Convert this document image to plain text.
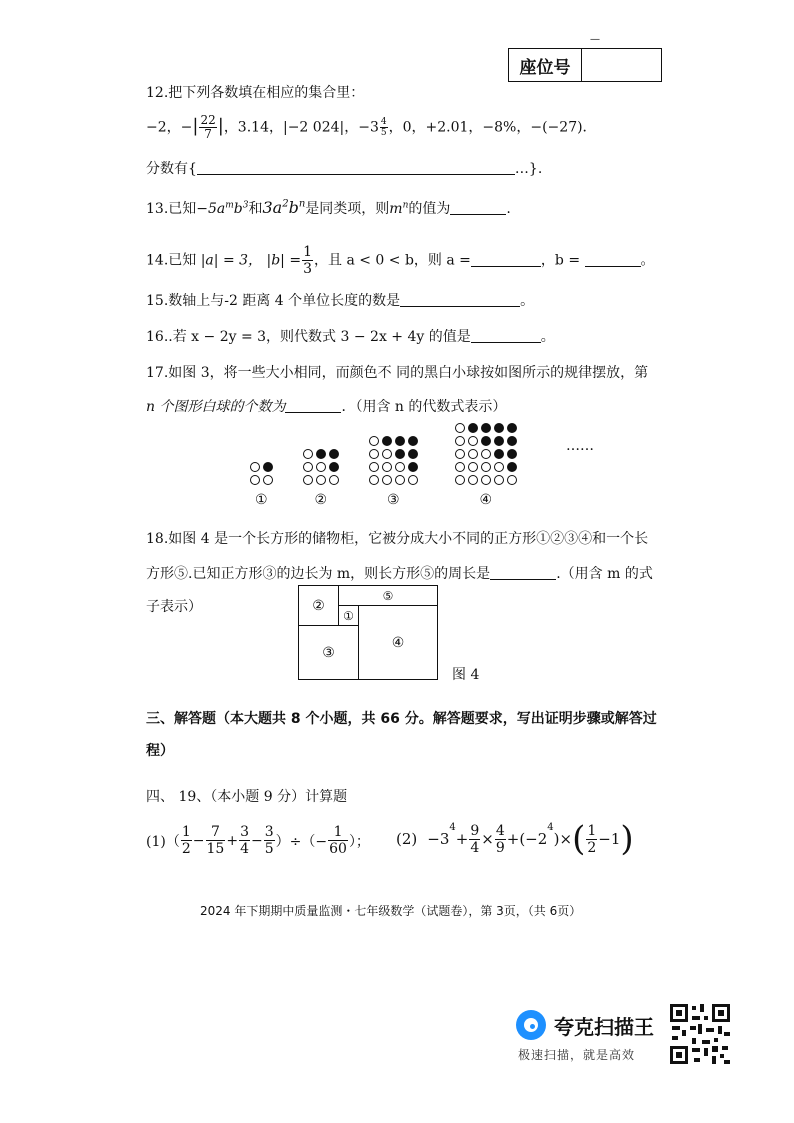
—
座位号
12.把下列各数填在相应的集合里：
−2，−| $\frac{22}{7}$ |，3.14，|−2 024|，$-3 \frac{4}{5}$ ，0，+2.01，−8%，−(−27)．
分数有{	…}.
13.已知$-5a^mb^3$和$3a^2b^n$是同类项，则$m^n$的值为	.
14.已知 |a| = 3， $|b| = \frac{1}{3}$ ，且 a < 0 < b，则 a =	，b =	。
15.数轴上与-2 距离 4 个单位长度的数是	。
16..若 x − 2y = 3，则代数式 3 − 2x + 4y 的值是	。
17.如图 3，将一些大小相同，而颜色不 同的黑白小球按如图所示的规律摆放，第
n 个图形白球的个数为	．（用含 n 的代数式表示）
①	②	③	④
……
18.如图 4 是一个长方形的储物柜，它被分成大小不同的正方形①②③④和一个长
方形⑤.已知正方形③的边长为 m，则长方形⑤的周长是	.（用含 m 的式
子表示）	②
①
⑤
③
④
图 4
三、解答题（本大题共 8 个小题，共 66 分。解答题要求，写出证明步骤或解答过
程）
四、 19、（本小题 9 分）计算题
$(1)( \frac{1}{2} - \frac{7}{15} + \frac{3}{4} - \frac{3}{5}$ ）÷（− $\frac{1}{60}$ ）； (2) −3
$^4$
+ $\frac{9}{4} \times \frac{4}{9} +(-2$
$^4$
)× ( $\frac{1}{2} -1$ )
2024 年下期期中质量监测・七年级数学（试题卷），第 3页，（共 6页）
夸克扫描王
极速扫描，就是高效
